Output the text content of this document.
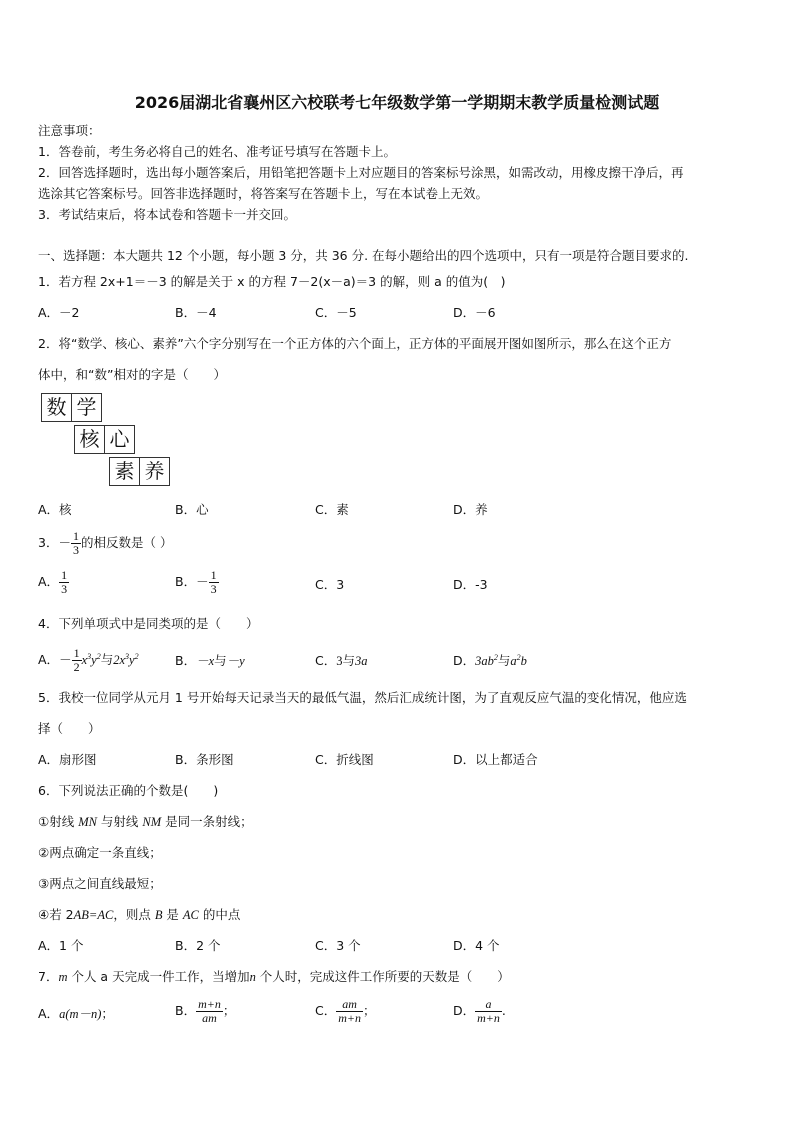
2026届湖北省襄州区六校联考七年级数学第一学期期末教学质量检测试题
注意事项：
1．答卷前，考生务必将自己的姓名、准考证号填写在答题卡上。
2．回答选择题时，选出每小题答案后，用铅笔把答题卡上对应题目的答案标号涂黑，如需改动，用橡皮擦干净后，再
选涂其它答案标号。回答非选择题时，将答案写在答题卡上，写在本试卷上无效。
3．考试结束后，将本试卷和答题卡一并交回。
一、选择题：本大题共 12 个小题，每小题 3 分，共 36 分. 在每小题给出的四个选项中，只有一项是符合题目要求的.
1．若方程 2x+1＝－3 的解是关于 x 的方程 7－2(x－a)＝3 的解，则 a 的值为(　)
A．－2	B．－4	C．－5	D．－6
2．将“数学、核心、素养”六个字分别写在一个正方体的六个面上，正方体的平面展开图如图所示，那么在这个正方
体中，和“数”相对的字是（　　）
数 学
核 心
素 养
A．核	B．心	C．素	D．养
3．－ $\frac{1}{3}$ 的相反数是（ ）
A． $\frac{1}{3}$	B．－ $\frac{1}{3}$	C．3	D．-3
4．下列单项式中是同类项的是（　　）
A．－ $\frac{1}{2} x^3y^2$与$2x^3y^2$	B．－x与－y	C．3与3a	D．$3ab^2$与$a^2b$
5．我校一位同学从元月 1 号开始每天记录当天的最低气温，然后汇成统计图，为了直观反应气温的变化情况，他应选
择（　　）
A．扇形图	B．条形图	C．折线图	D．以上都适合
6．下列说法正确的个数是(　　)
①射线 MN 与射线 NM 是同一条射线；
②两点确定一条直线；
③两点之间直线最短；
④若 2AB=AC，则点 B 是 AC 的中点
A．1 个	B．2 个	C．3 个	D．4 个
7．m 个人 a 天完成一件工作，当增加n 个人时，完成这件工作所要的天数是（　　）
A．a(m－n)；	B． $\frac{m+n}{am}$ ；	C． $\frac{am}{m+n}$ ；	D． $\frac{a}{m+n}$ .
